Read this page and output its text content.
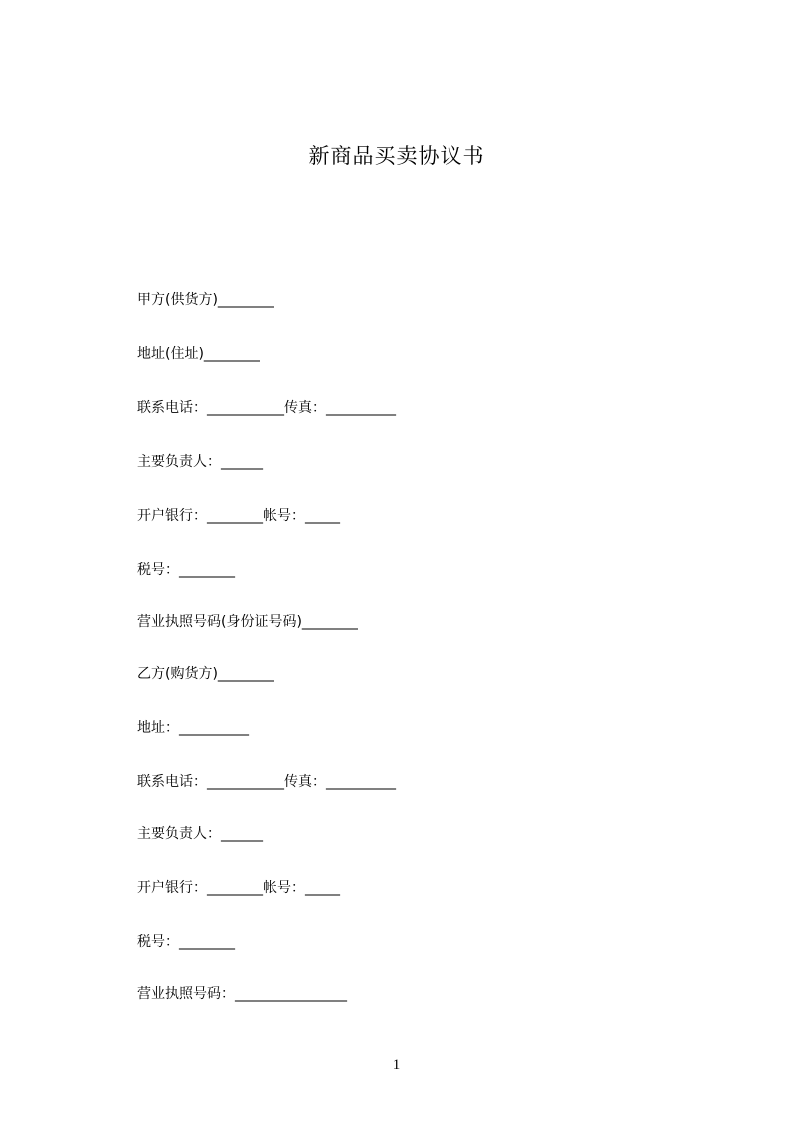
新商品买卖协议书
甲方(供货方)________
地址(住址)________
联系电话：___________传真：__________
主要负责人：______
开户银行：________帐号：_____
税号：________
营业执照号码(身份证号码)________
乙方(购货方)________
地址：__________
联系电话：___________传真：__________
主要负责人：______
开户银行：________帐号：_____
税号：________
营业执照号码：________________
1
